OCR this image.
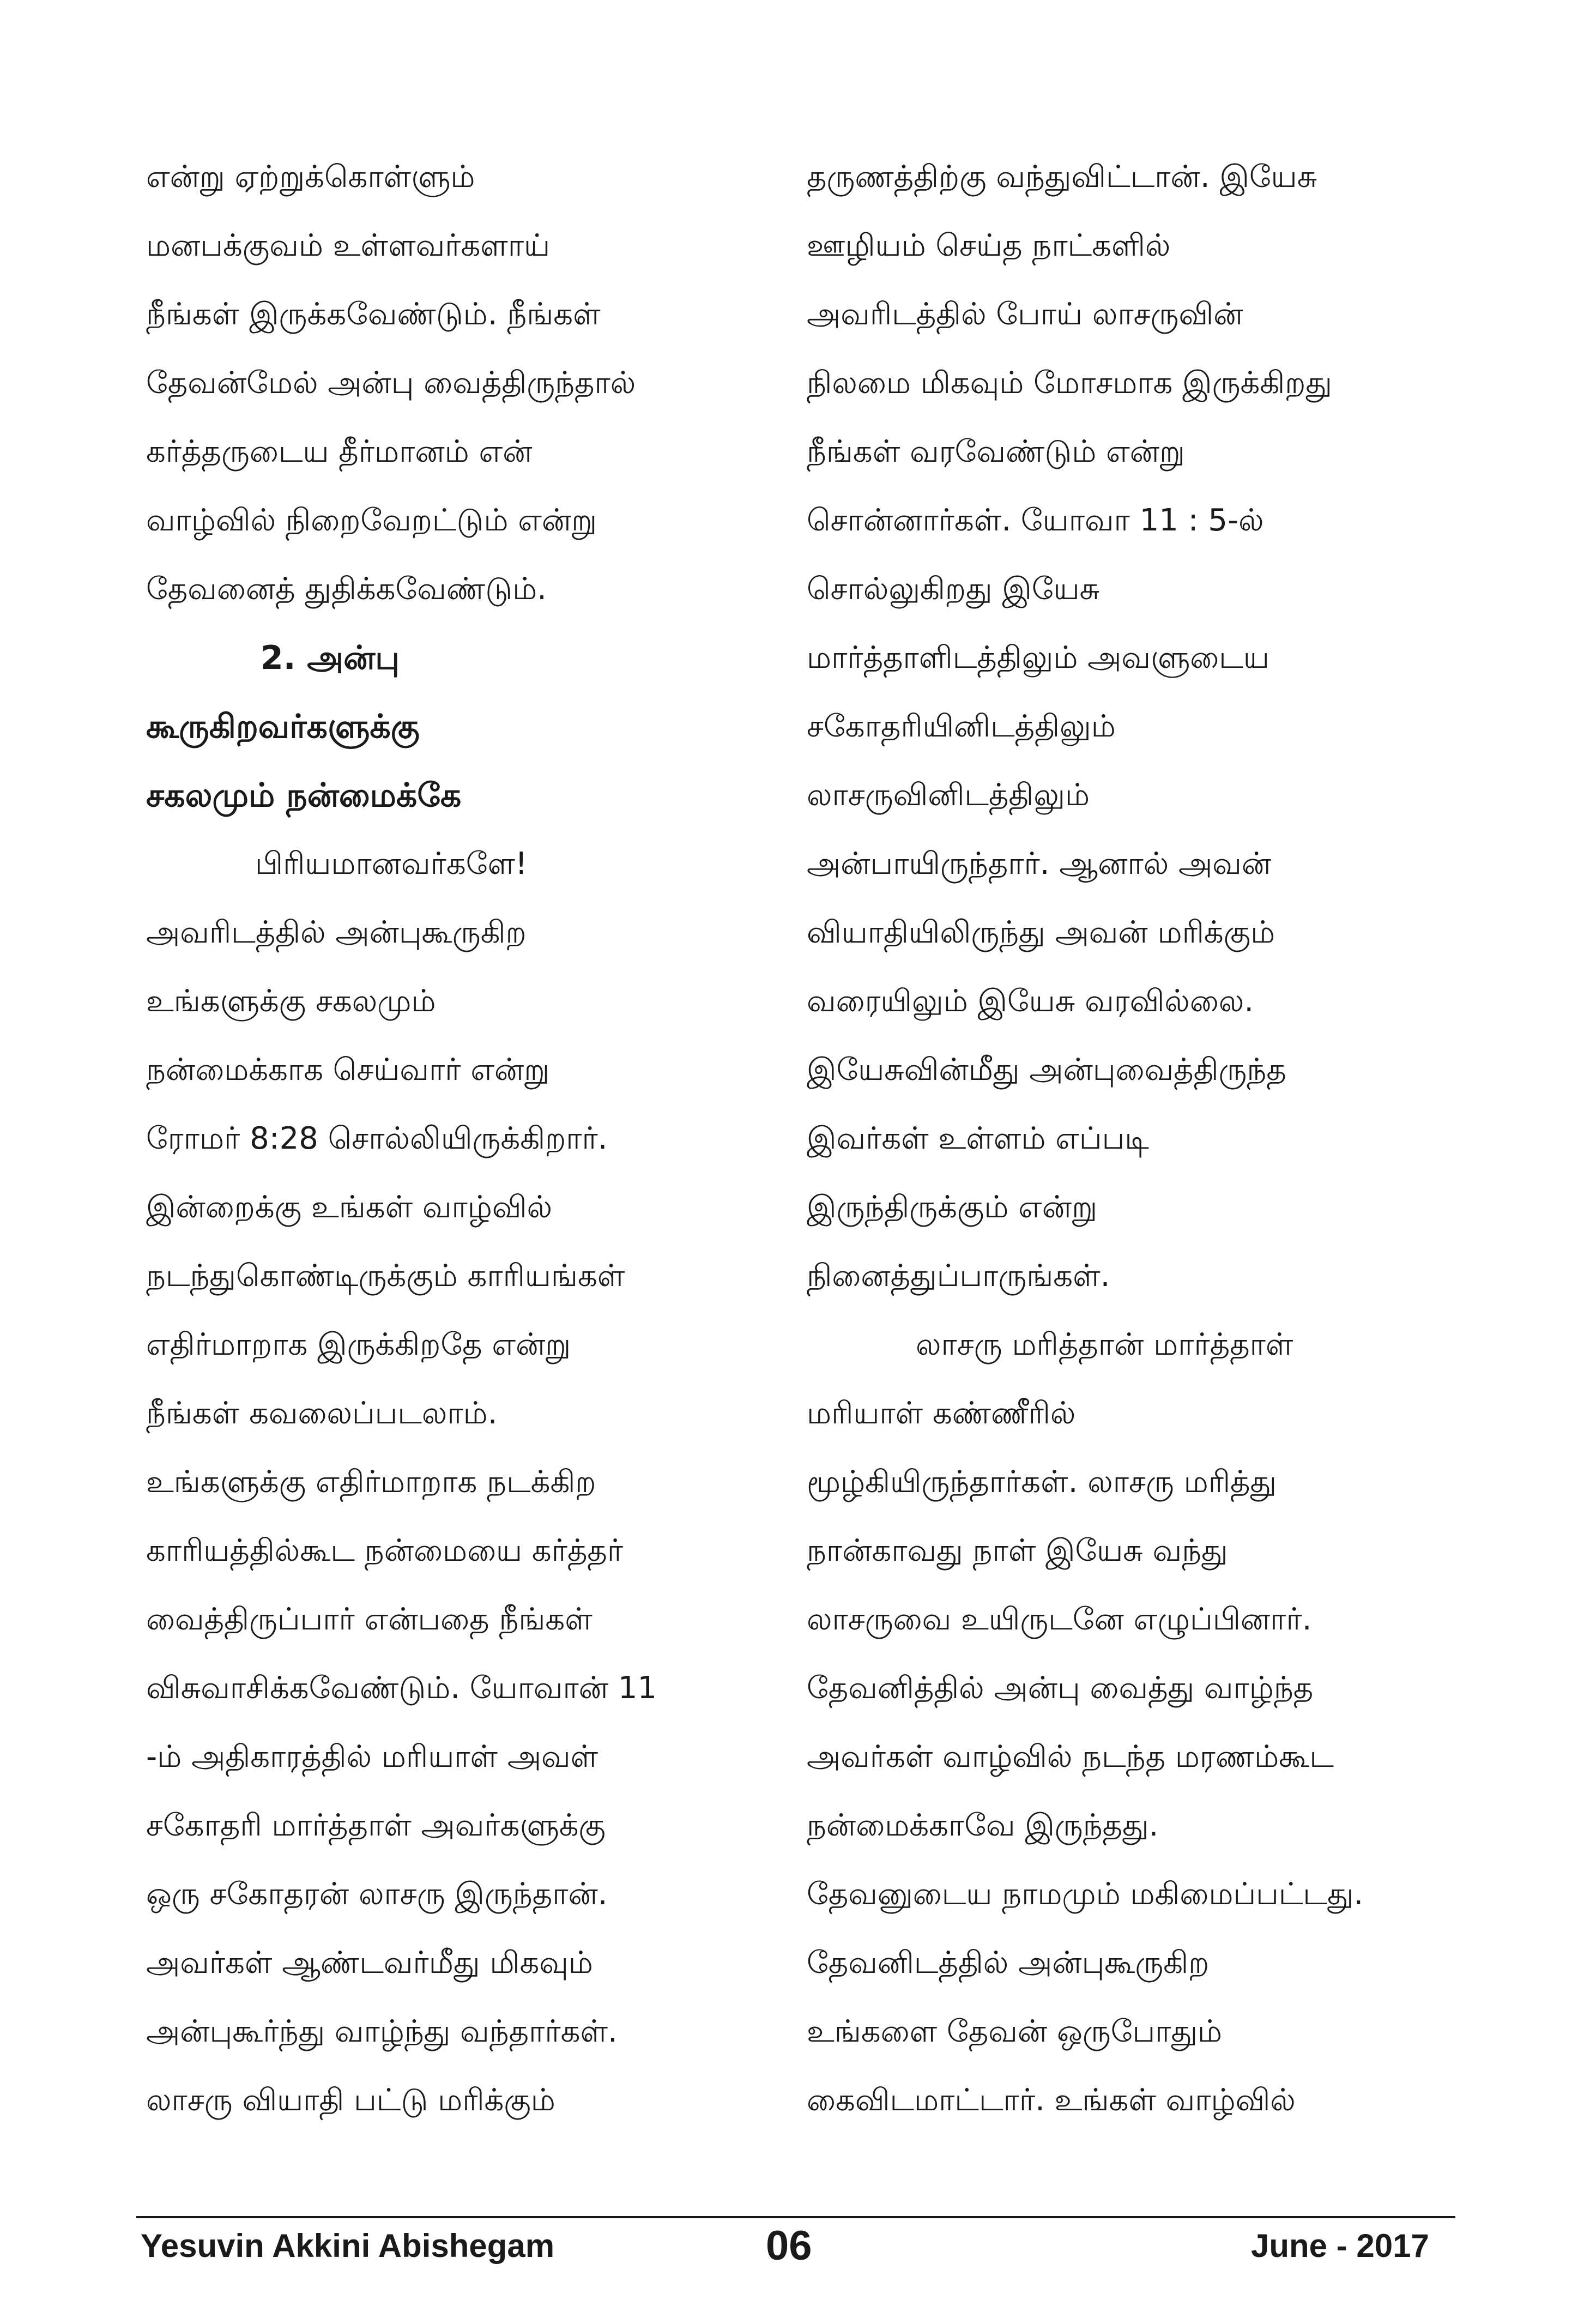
என்று ஏற்றுக்கொள்ளும்
மனபக்குவம் உள்ளவர்களாய்
நீங்கள் இருக்கவேண்டும். நீங்கள்
தேவன்மேல் அன்பு வைத்திருந்தால்
கர்த்தருடைய தீர்மானம் என்
வாழ்வில் நிறைவேறட்டும் என்று
தேவனைத் துதிக்கவேண்டும்.
2. அன்பு
கூருகிறவர்களுக்கு
சகலமும் நன்மைக்கே
பிரியமானவர்களே!
அவரிடத்தில் அன்புகூருகிற
உங்களுக்கு சகலமும்
நன்மைக்காக செய்வார் என்று
ரோமர் 8:28 சொல்லியிருக்கிறார்.
இன்றைக்கு உங்கள் வாழ்வில்
நடந்துகொண்டிருக்கும் காரியங்கள்
எதிர்மாறாக இருக்கிறதே என்று
நீங்கள் கவலைப்படலாம்.
உங்களுக்கு எதிர்மாறாக நடக்கிற
காரியத்தில்கூட நன்மையை கர்த்தர்
வைத்திருப்பார் என்பதை நீங்கள்
விசுவாசிக்கவேண்டும். யோவான் 11
-ம் அதிகாரத்தில் மரியாள் அவள்
சகோதரி மார்த்தாள் அவர்களுக்கு
ஒரு சகோதரன் லாசரு இருந்தான்.
அவர்கள் ஆண்டவர்மீது மிகவும்
அன்புகூர்ந்து வாழ்ந்து வந்தார்கள்.
லாசரு வியாதி பட்டு மரிக்கும்
தருணத்திற்கு வந்துவிட்டான். இயேசு
ஊழியம் செய்த நாட்களில்
அவரிடத்தில் போய் லாசருவின்
நிலமை மிகவும் மோசமாக இருக்கிறது
நீங்கள் வரவேண்டும் என்று
சொன்னார்கள். யோவா 11 : 5-ல்
சொல்லுகிறது இயேசு
மார்த்தாளிடத்திலும் அவளுடைய
சகோதரியினிடத்திலும்
லாசருவினிடத்திலும்
அன்பாயிருந்தார். ஆனால் அவன்
வியாதியிலிருந்து அவன் மரிக்கும்
வரையிலும் இயேசு வரவில்லை.
இயேசுவின்மீது அன்புவைத்திருந்த
இவர்கள் உள்ளம் எப்படி
இருந்திருக்கும் என்று
நினைத்துப்பாருங்கள்.
லாசரு மரித்தான் மார்த்தாள்
மரியாள் கண்ணீரில்
மூழ்கியிருந்தார்கள். லாசரு மரித்து
நான்காவது நாள் இயேசு வந்து
லாசருவை உயிருடனே எழுப்பினார்.
தேவனித்தில் அன்பு வைத்து வாழ்ந்த
அவர்கள் வாழ்வில் நடந்த மரணம்கூட
நன்மைக்காவே இருந்தது.
தேவனுடைய நாமமும் மகிமைப்பட்டது.
தேவனிடத்தில் அன்புகூருகிற
உங்களை தேவன் ஒருபோதும்
கைவிடமாட்டார். உங்கள் வாழ்வில்
Yesuvin Akkini Abishegam	06	June - 2017
